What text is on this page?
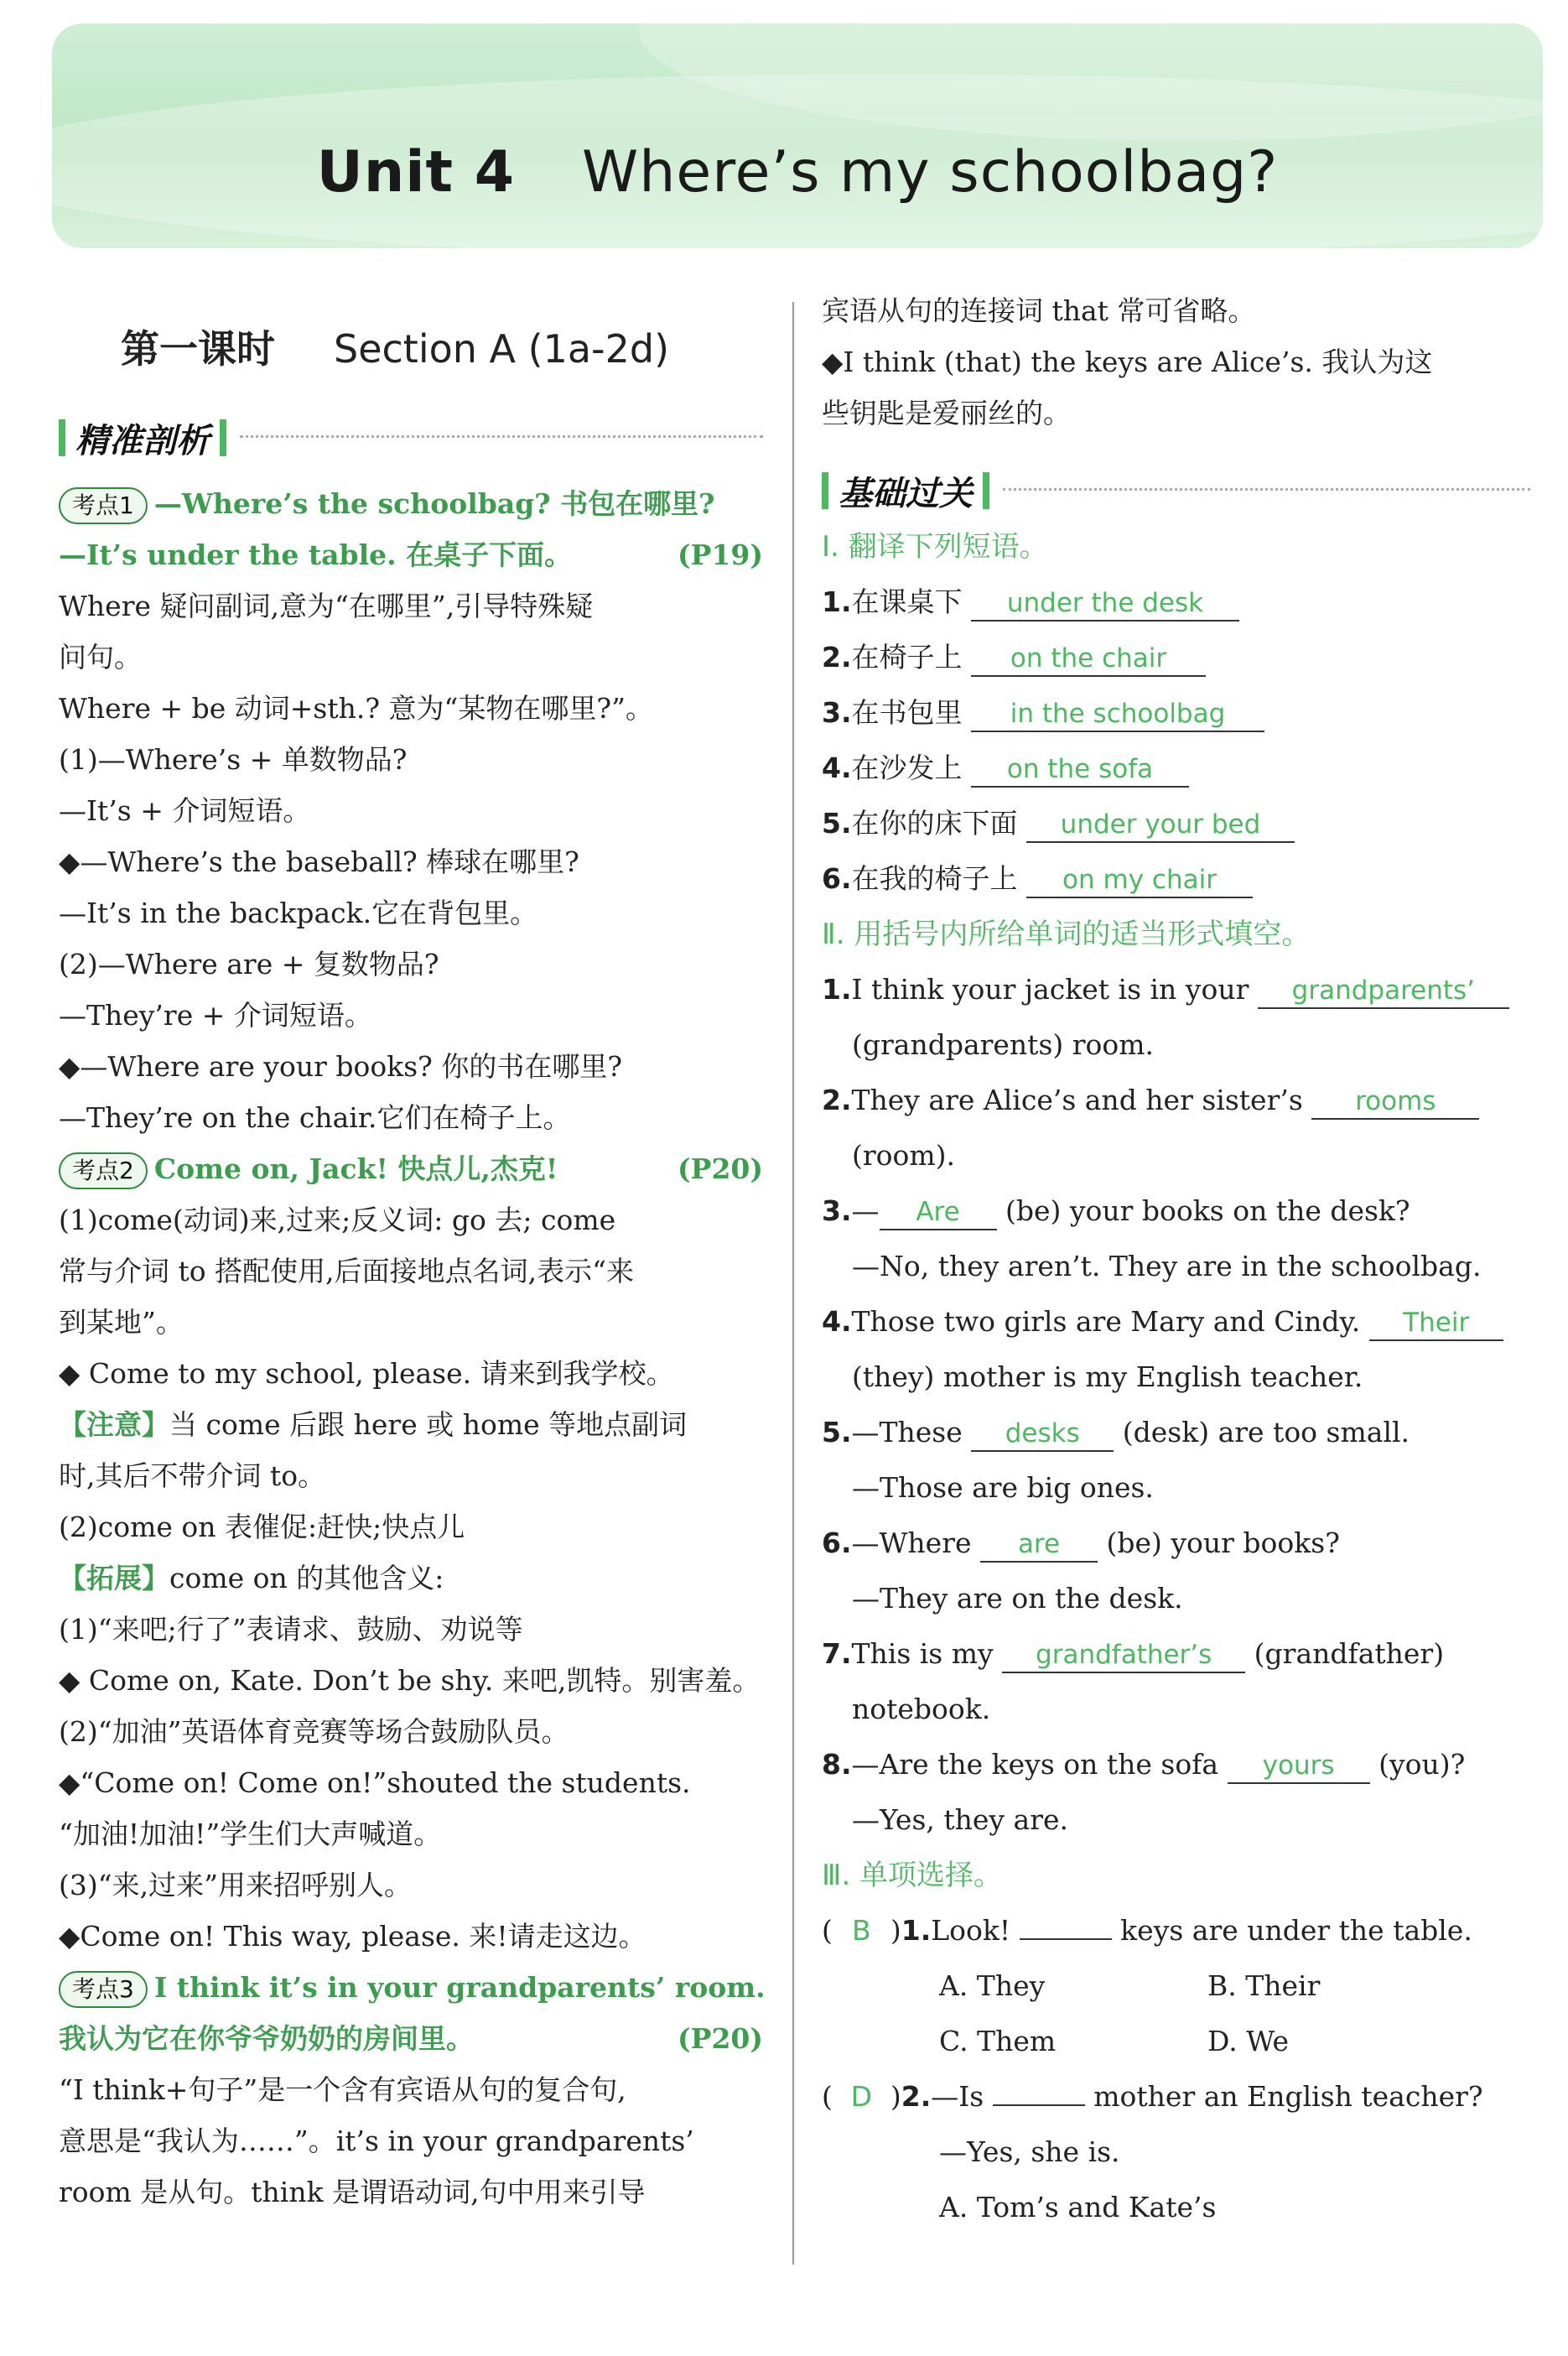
Unit 4 Where’s my schoolbag?
第一课时 Section A (1a-2d)
精准剖析
考点1 —Where’s the schoolbag? 书包在哪里?
—It’s under the table. 在桌子下面。	(P19)
Where 疑问副词,意为“在哪里”,引导特殊疑
问句。
Where + be 动词+sth.? 意为“某物在哪里?”。
(1)—Where’s + 单数物品?
—It’s + 介词短语。
◆—Where’s the baseball? 棒球在哪里?
—It’s in the backpack.它在背包里。
(2)—Where are + 复数物品?
—They’re + 介词短语。
◆—Where are your books? 你的书在哪里?
—They’re on the chair.它们在椅子上。
考点2 Come on, Jack! 快点儿,杰克!	(P20)
(1)come(动词)来,过来;反义词: go 去; come
常与介词 to 搭配使用,后面接地点名词,表示“来
到某地”。
◆ Come to my school, please. 请来到我学校。
【注意】当 come 后跟 here 或 home 等地点副词
时,其后不带介词 to。
(2)come on 表催促:赶快;快点儿
【拓展】come on 的其他含义:
(1)“来吧;行了”表请求、鼓励、劝说等
◆ Come on, Kate. Don’t be shy. 来吧,凯特。别害羞。
(2)“加油”英语体育竞赛等场合鼓励队员。
◆“Come on! Come on!”shouted the students.
“加油!加油!”学生们大声喊道。
(3)“来,过来”用来招呼别人。
◆Come on! This way, please. 来!请走这边。
考点3 I think it’s in your grandparents’ room.
我认为它在你爷爷奶奶的房间里。	(P20)
“I think+句子”是一个含有宾语从句的复合句,
意思是“我认为……”。it’s in your grandparents’
room 是从句。think 是谓语动词,句中用来引导
宾语从句的连接词 that 常可省略。
◆I think (that) the keys are Alice’s. 我认为这
些钥匙是爱丽丝的。
基础过关
Ⅰ. 翻译下列短语。
1.在课桌下 under the desk
2.在椅子上 on the chair
3.在书包里 in the schoolbag
4.在沙发上 on the sofa
5.在你的床下面 under your bed
6.在我的椅子上 on my chair
Ⅱ. 用括号内所给单词的适当形式填空。
1.I think your jacket is in your grandparents’
(grandparents) room.
2.They are Alice’s and her sister’s rooms
(room).
3.— Are (be) your books on the desk?
—No, they aren’t. They are in the schoolbag.
4.Those two girls are Mary and Cindy. Their
(they) mother is my English teacher.
5.—These desks (desk) are too small.
—Those are big ones.
6.—Where are (be) your books?
—They are on the desk.
7.This is my grandfather’s (grandfather)
notebook.
8.—Are the keys on the sofa yours (you)?
—Yes, they are.
Ⅲ. 单项选择。
( B )1.Look!	keys are under the table.
A. They	B. Their
C. Them	D. We
( D )2.—Is	mother an English teacher?
—Yes, she is.
A. Tom’s and Kate’s
